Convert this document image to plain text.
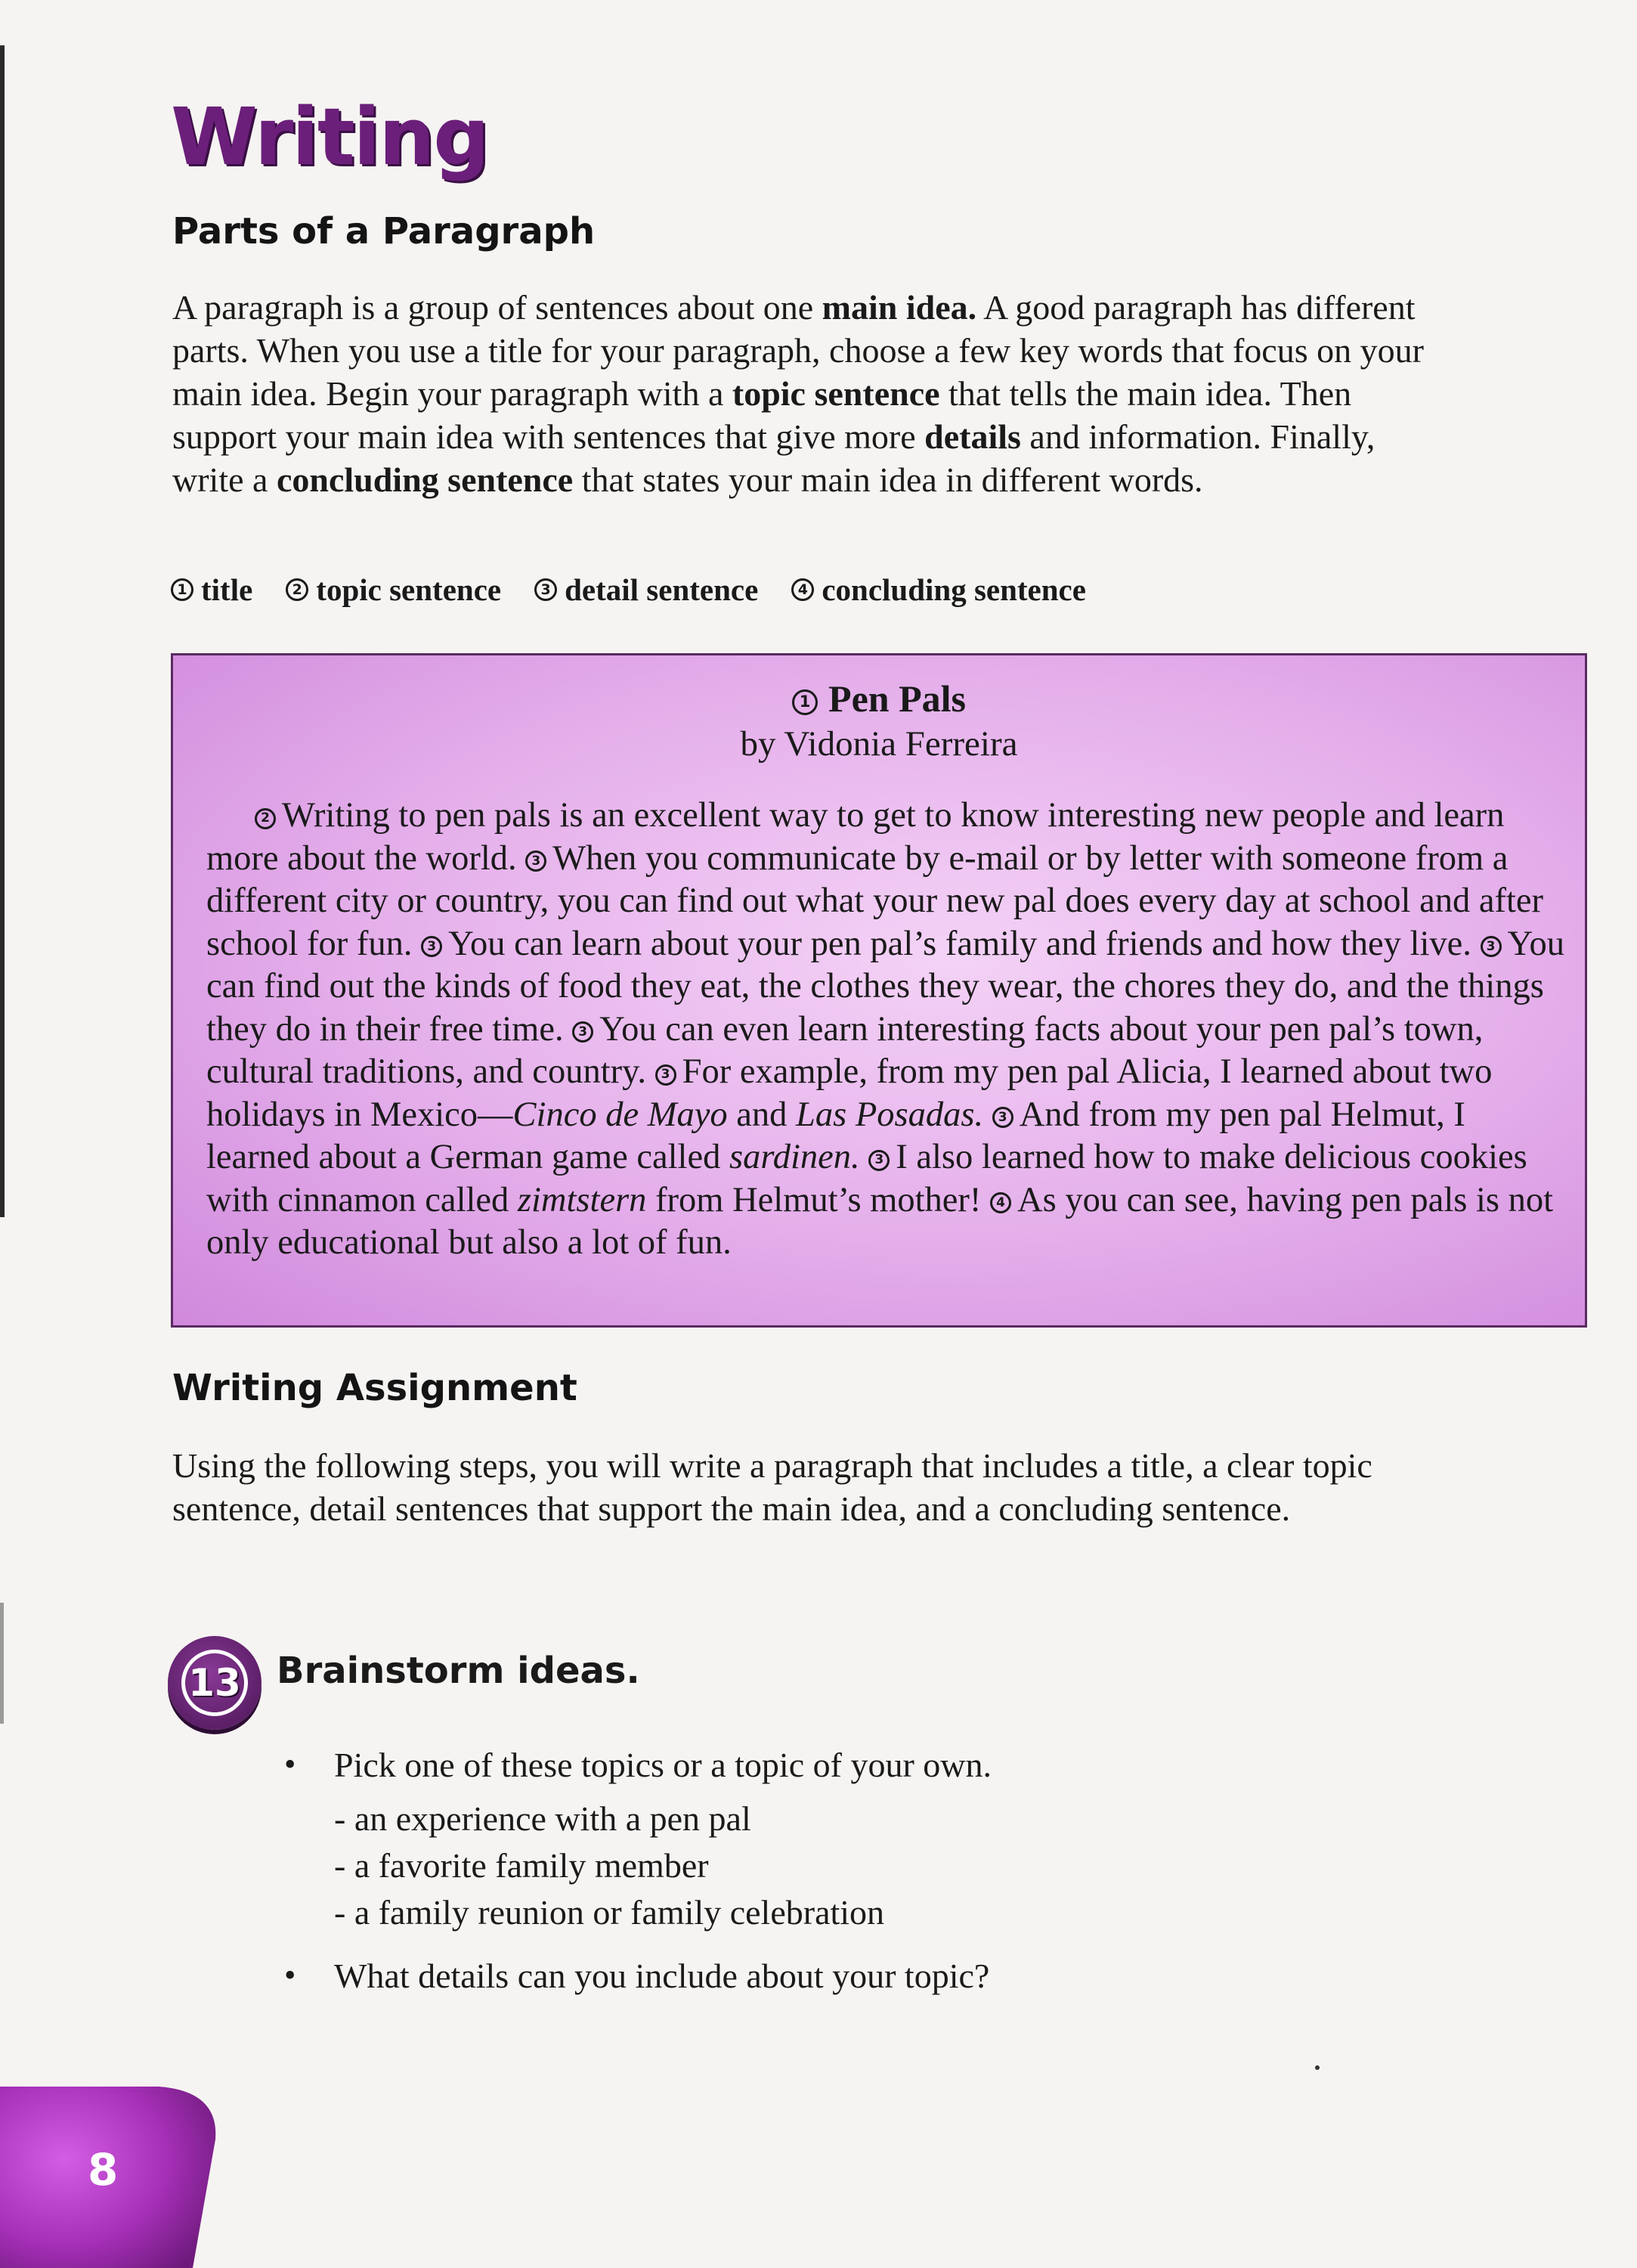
Writing
Parts of a Paragraph
A paragraph is a group of sentences about one main idea. A good paragraph has different parts. When you use a title for your paragraph, choose a few key words that focus on your main idea. Begin your paragraph with a topic sentence that tells the main idea. Then support your main idea with sentences that give more details and information. Finally, write a concluding sentence that states your main idea in different words.
1 title	2 topic sentence	3 detail sentence	4 concluding sentence
1 Pen Pals
by Vidonia Ferreira
2 Writing to pen pals is an excellent way to get to know interesting new people and learn more about the world. 3 When you communicate by e-mail or by letter with someone from a different city or country, you can find out what your new pal does every day at school and after school for fun. 3 You can learn about your pen pal’s family and friends and how they live. 3 You can find out the kinds of food they eat, the clothes they wear, the chores they do, and the things they do in their free time. 3 You can even learn interesting facts about your pen pal’s town, cultural traditions, and country. 3 For example, from my pen pal Alicia, I learned about two holidays in Mexico—Cinco de Mayo and Las Posadas. 3 And from my pen pal Helmut, I learned about a German game called sardinen. 3 I also learned how to make delicious cookies with cinnamon called zimtstern from Helmut’s mother! 4 As you can see, having pen pals is not only educational but also a lot of fun.
Writing Assignment
Using the following steps, you will write a paragraph that includes a title, a clear topic sentence, detail sentences that support the main idea, and a concluding sentence.
13 Brainstorm ideas.
• Pick one of these topics or a topic of your own.
- an experience with a pen pal
- a favorite family member
- a family reunion or family celebration
• What details can you include about your topic?
8
